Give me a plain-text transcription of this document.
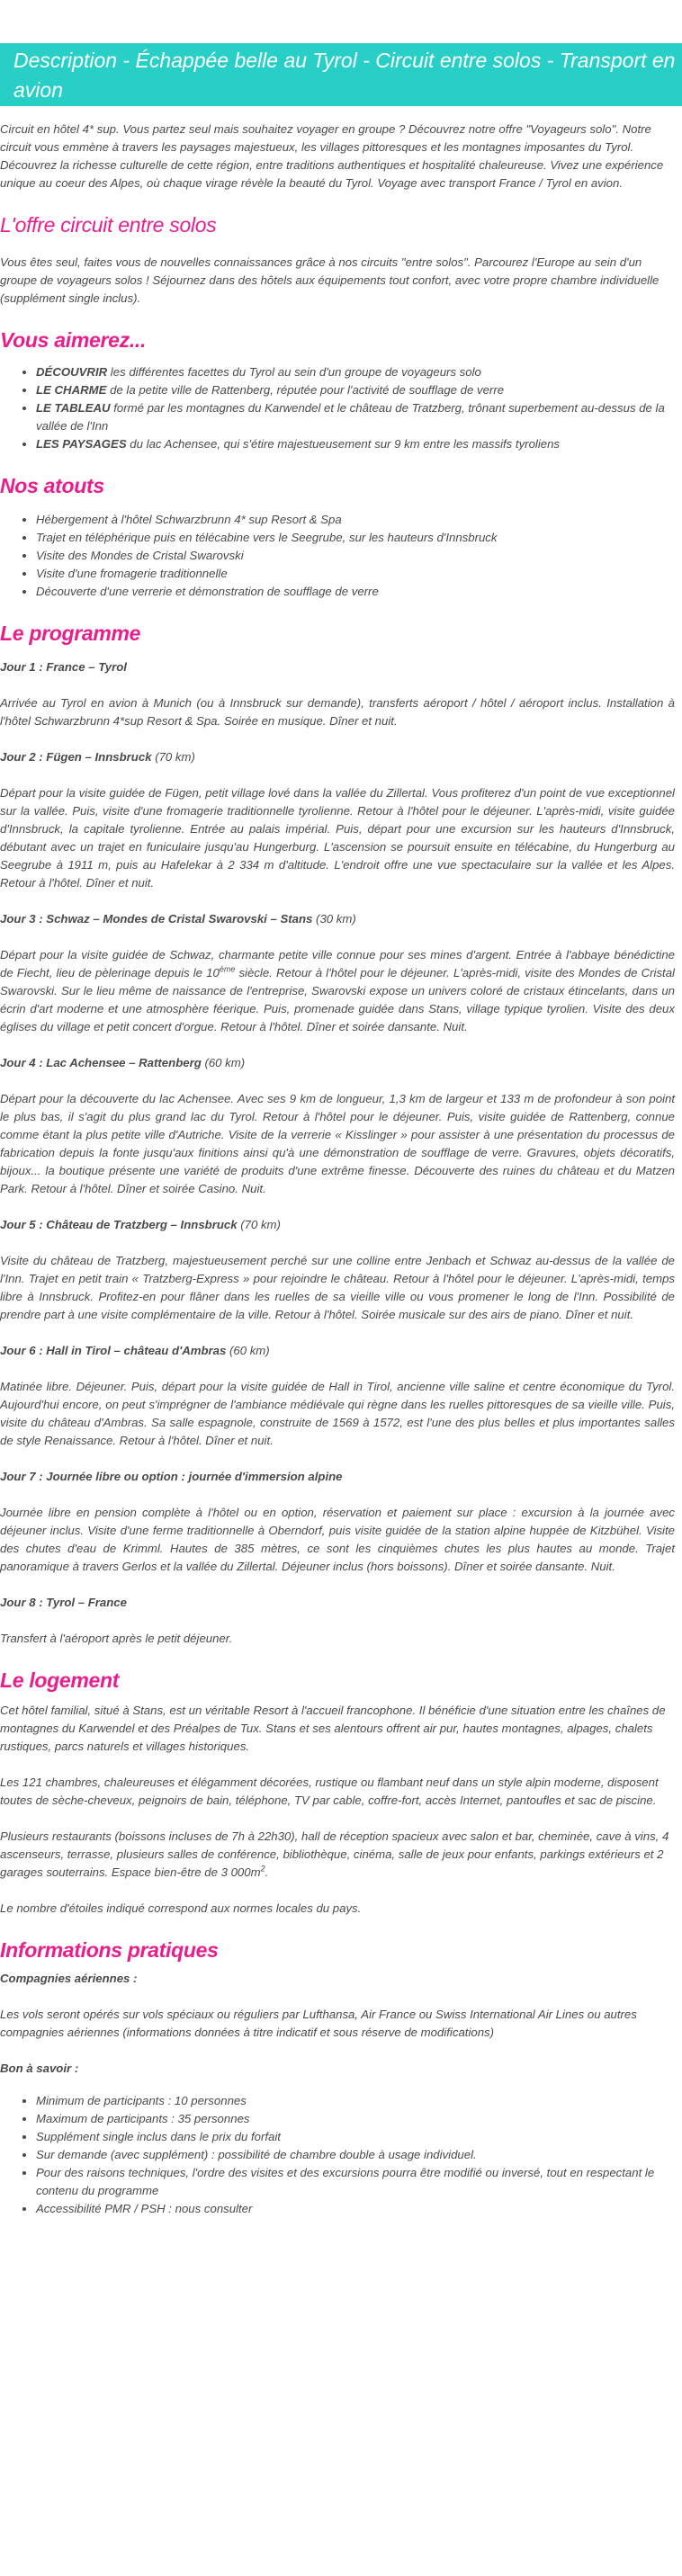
Description - Échappée belle au Tyrol - Circuit entre solos - Transport en avion

Circuit en hôtel 4* sup. Vous partez seul mais souhaitez voyager en groupe ? Découvrez notre offre "Voyageurs solo". Notre circuit vous emmène à travers les paysages majestueux, les villages pittoresques et les montagnes imposantes du Tyrol. Découvrez la richesse culturelle de cette région, entre traditions authentiques et hospitalité chaleureuse. Vivez une expérience unique au coeur des Alpes, où chaque virage révèle la beauté du Tyrol. Voyage avec transport France / Tyrol en avion.

L'offre circuit entre solos

Vous êtes seul, faites vous de nouvelles connaissances grâce à nos circuits "entre solos". Parcourez l'Europe au sein d'un groupe de voyageurs solos ! Séjournez dans des hôtels aux équipements tout confort, avec votre propre chambre individuelle (supplément single inclus).

Vous aimerez...
• DÉCOUVRIR les différentes facettes du Tyrol au sein d'un groupe de voyageurs solo
• LE CHARME de la petite ville de Rattenberg, réputée pour l'activité de soufflage de verre
• LE TABLEAU formé par les montagnes du Karwendel et le château de Tratzberg, trônant superbement au-dessus de la vallée de l'Inn
• LES PAYSAGES du lac Achensee, qui s'étire majestueusement sur 9 km entre les massifs tyroliens
Nos atouts
• Hébergement à l'hôtel Schwarzbrunn 4* sup Resort & Spa
• Trajet en téléphérique puis en télécabine vers le Seegrube, sur les hauteurs d'Innsbruck
• Visite des Mondes de Cristal Swarovski
• Visite d'une fromagerie traditionnelle
• Découverte d'une verrerie et démonstration de soufflage de verre
Le programme
Jour 1 : France – Tyrol

Arrivée au Tyrol en avion à Munich (ou à Innsbruck sur demande), transferts aéroport / hôtel / aéroport inclus. Installation à l'hôtel Schwarzbrunn 4*sup Resort & Spa. Soirée en musique. Dîner et nuit.

Jour 2 : Fügen – Innsbruck (70 km)

Départ pour la visite guidée de Fügen, petit village lové dans la vallée du Zillertal. Vous profiterez d'un point de vue exceptionnel sur la vallée. Puis, visite d'une fromagerie traditionnelle tyrolienne. Retour à l'hôtel pour le déjeuner. L'après-midi, visite guidée d'Innsbruck, la capitale tyrolienne. Entrée au palais impérial. Puis, départ pour une excursion sur les hauteurs d'Innsbruck, débutant avec un trajet en funiculaire jusqu'au Hungerburg. L'ascension se poursuit ensuite en télécabine, du Hungerburg au Seegrube à 1911 m, puis au Hafelekar à 2 334 m d'altitude. L'endroit offre une vue spectaculaire sur la vallée et les Alpes. Retour à l'hôtel. Dîner et nuit.

Jour 3 : Schwaz – Mondes de Cristal Swarovski – Stans (30 km)

Départ pour la visite guidée de Schwaz, charmante petite ville connue pour ses mines d'argent. Entrée à l'abbaye bénédictine de Fiecht, lieu de pèlerinage depuis le 10ème siècle. Retour à l'hôtel pour le déjeuner. L'après-midi, visite des Mondes de Cristal Swarovski. Sur le lieu même de naissance de l'entreprise, Swarovski expose un univers coloré de cristaux étincelants, dans un écrin d'art moderne et une atmosphère féerique. Puis, promenade guidée dans Stans, village typique tyrolien. Visite des deux églises du village et petit concert d'orgue. Retour à l'hôtel. Dîner et soirée dansante. Nuit.

Jour 4 : Lac Achensee – Rattenberg (60 km)

Départ pour la découverte du lac Achensee. Avec ses 9 km de longueur, 1,3 km de largeur et 133 m de profondeur à son point le plus bas, il s'agit du plus grand lac du Tyrol. Retour à l'hôtel pour le déjeuner. Puis, visite guidée de Rattenberg, connue comme étant la plus petite ville d'Autriche. Visite de la verrerie « Kisslinger » pour assister à une présentation du processus de fabrication depuis la fonte jusqu'aux finitions ainsi qu'à une démonstration de soufflage de verre. Gravures, objets décoratifs, bijoux... la boutique présente une variété de produits d'une extrême finesse. Découverte des ruines du château et du Matzen Park. Retour à l'hôtel. Dîner et soirée Casino. Nuit.

Jour 5 : Château de Tratzberg – Innsbruck (70 km)

Visite du château de Tratzberg, majestueusement perché sur une colline entre Jenbach et Schwaz au-dessus de la vallée de l'Inn. Trajet en petit train « Tratzberg-Express » pour rejoindre le château. Retour à l'hôtel pour le déjeuner. L'après-midi, temps libre à Innsbruck. Profitez-en pour flâner dans les ruelles de sa vieille ville ou vous promener le long de l'Inn. Possibilité de prendre part à une visite complémentaire de la ville. Retour à l'hôtel. Soirée musicale sur des airs de piano. Dîner et nuit.

Jour 6 : Hall in Tirol – château d'Ambras (60 km)

Matinée libre. Déjeuner. Puis, départ pour la visite guidée de Hall in Tirol, ancienne ville saline et centre économique du Tyrol. Aujourd'hui encore, on peut s'imprégner de l'ambiance médiévale qui règne dans les ruelles pittoresques de sa vieille ville. Puis, visite du château d'Ambras. Sa salle espagnole, construite de 1569 à 1572, est l'une des plus belles et plus importantes salles de style Renaissance. Retour à l'hôtel. Dîner et nuit.

Jour 7 : Journée libre ou option : journée d'immersion alpine

Journée libre en pension complète à l'hôtel ou en option, réservation et paiement sur place : excursion à la journée avec déjeuner inclus. Visite d'une ferme traditionnelle à Oberndorf, puis visite guidée de la station alpine huppée de Kitzbühel. Visite des chutes d'eau de Krimml. Hautes de 385 mètres, ce sont les cinquièmes chutes les plus hautes au monde. Trajet panoramique à travers Gerlos et la vallée du Zillertal. Déjeuner inclus (hors boissons). Dîner et soirée dansante. Nuit.

Jour 8 : Tyrol – France

Transfert à l'aéroport après le petit déjeuner.

Le logement

Cet hôtel familial, situé à Stans, est un véritable Resort à l'accueil francophone. Il bénéficie d'une situation entre les chaînes de montagnes du Karwendel et des Préalpes de Tux. Stans et ses alentours offrent air pur, hautes montagnes, alpages, chalets rustiques, parcs naturels et villages historiques.

Les 121 chambres, chaleureuses et élégamment décorées, rustique ou flambant neuf dans un style alpin moderne, disposent toutes de sèche-cheveux, peignoirs de bain, téléphone, TV par cable, coffre-fort, accès Internet, pantoufles et sac de piscine.

Plusieurs restaurants (boissons incluses de 7h à 22h30), hall de réception spacieux avec salon et bar, cheminée, cave à vins, 4 ascenseurs, terrasse, plusieurs salles de conférence, bibliothèque, cinéma, salle de jeux pour enfants, parkings extérieurs et 2 garages souterrains. Espace bien-être de 3 $000m^2$.

Le nombre d'étoiles indiqué correspond aux normes locales du pays.

Informations pratiques

Compagnies aériennes :

Les vols seront opérés sur vols spéciaux ou réguliers par Lufthansa, Air France ou Swiss International Air Lines ou autres compagnies aériennes (informations données à titre indicatif et sous réserve de modifications)

Bon à savoir :

• Minimum de participants : 10 personnes
• Maximum de participants : 35 personnes
• Supplément single inclus dans le prix du forfait
• Sur demande (avec supplément) : possibilité de chambre double à usage individuel.
• Pour des raisons techniques, l'ordre des visites et des excursions pourra être modifié ou inversé, tout en respectant le contenu du programme
• Accessibilité PMR / PSH : nous consulter
